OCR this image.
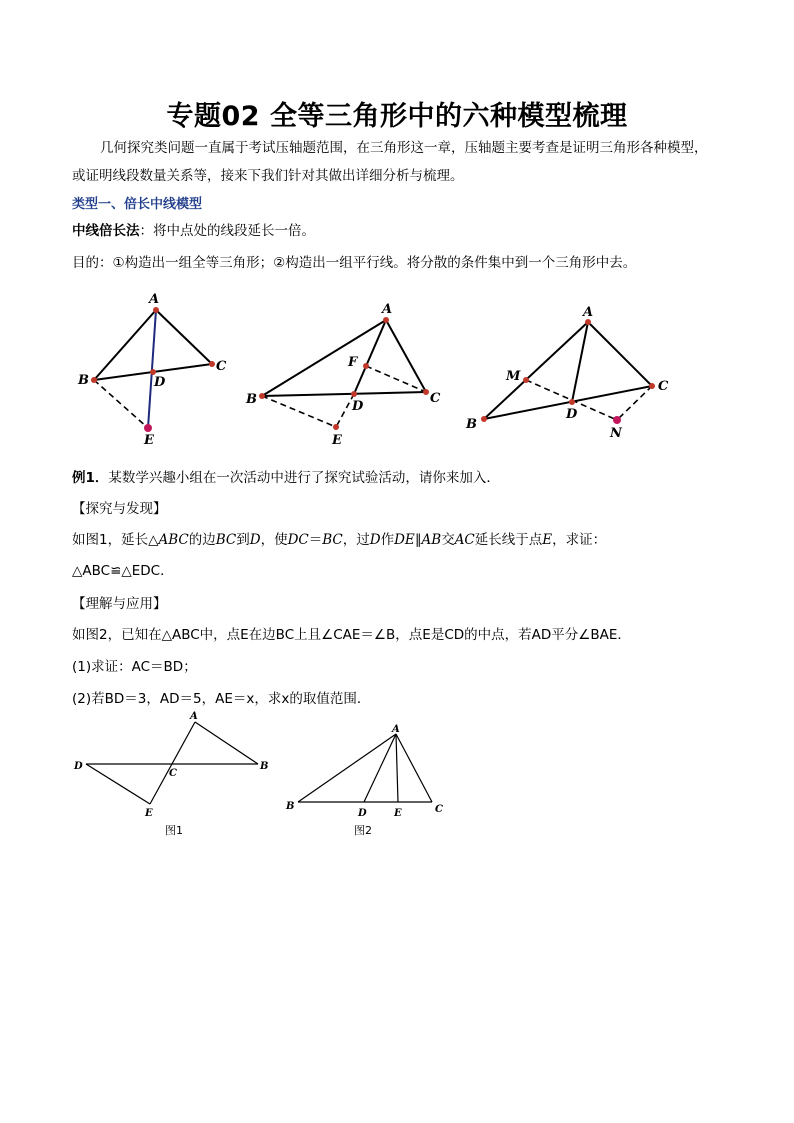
专题02 全等三角形中的六种模型梳理
几何探究类问题一直属于考试压轴题范围，在三角形这一章，压轴题主要考查是证明三角形各种模型，
或证明线段数量关系等，接来下我们针对其做出详细分析与梳理。
类型一、倍长中线模型
中线倍长法：将中点处的线段延长一倍。
目的：①构造出一组全等三角形；②构造出一组平行线。将分散的条件集中到一个三角形中去。
A
B
C
D
E
A
B	C
D
E
F
A
B
C
D
M
N
例1．某数学兴趣小组在一次活动中进行了探究试验活动，请你来加入．
【探究与发现】
如图1，延长△ABC的边BC到D，使DC＝BC，过D作DE∥AB交AC延长线于点E，求证：
△ABC≌△EDC．
【理解与应用】
如图2，已知在△ABC中，点E在边BC上且∠CAE＝∠B，点E是CD的中点，若AD平分∠BAE．
(1)求证：AC＝BD；
(2)若BD＝3，AD＝5，AE＝x，求x的取值范围．
A
B
C
D
E
图1
A
B	C
D	E
图2
